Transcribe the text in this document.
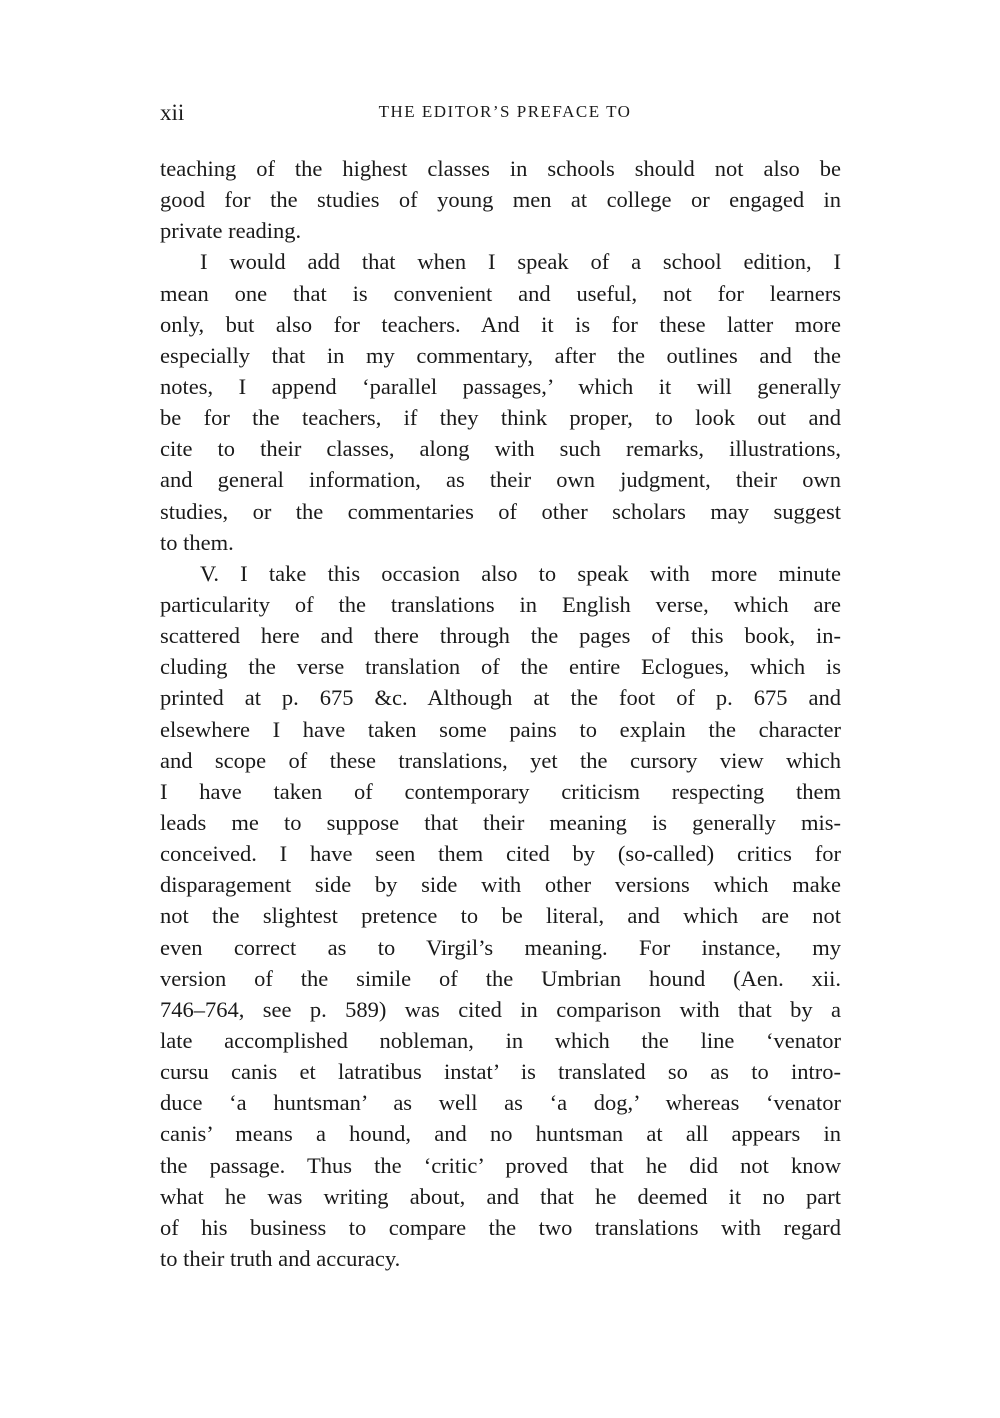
xii	THE EDITOR’S PREFACE TO
teaching of the highest classes in schools should not also be
good for the studies of young men at college or engaged in
private reading.
I would add that when I speak of a school edition, I
mean one that is convenient and useful, not for learners
only, but also for teachers. And it is for these latter more
especially that in my commentary, after the outlines and the
notes, I append ‘parallel passages,’ which it will generally
be for the teachers, if they think proper, to look out and
cite to their classes, along with such remarks, illustrations,
and general information, as their own judgment, their own
studies, or the commentaries of other scholars may suggest
to them.
V. I take this occasion also to speak with more minute
particularity of the translations in English verse, which are
scattered here and there through the pages of this book, in-
cluding the verse translation of the entire Eclogues, which is
printed at p. 675 &c. Although at the foot of p. 675 and
elsewhere I have taken some pains to explain the character
and scope of these translations, yet the cursory view which
I have taken of contemporary criticism respecting them
leads me to suppose that their meaning is generally mis-
conceived. I have seen them cited by (so-called) critics for
disparagement side by side with other versions which make
not the slightest pretence to be literal, and which are not
even correct as to Virgil’s meaning. For instance, my
version of the simile of the Umbrian hound (Aen. xii.
746–764, see p. 589) was cited in comparison with that by a
late accomplished nobleman, in which the line ‘venator
cursu canis et latratibus instat’ is translated so as to intro-
duce ‘a huntsman’ as well as ‘a dog,’ whereas ‘venator
canis’ means a hound, and no huntsman at all appears in
the passage. Thus the ‘critic’ proved that he did not know
what he was writing about, and that he deemed it no part
of his business to compare the two translations with regard
to their truth and accuracy.
